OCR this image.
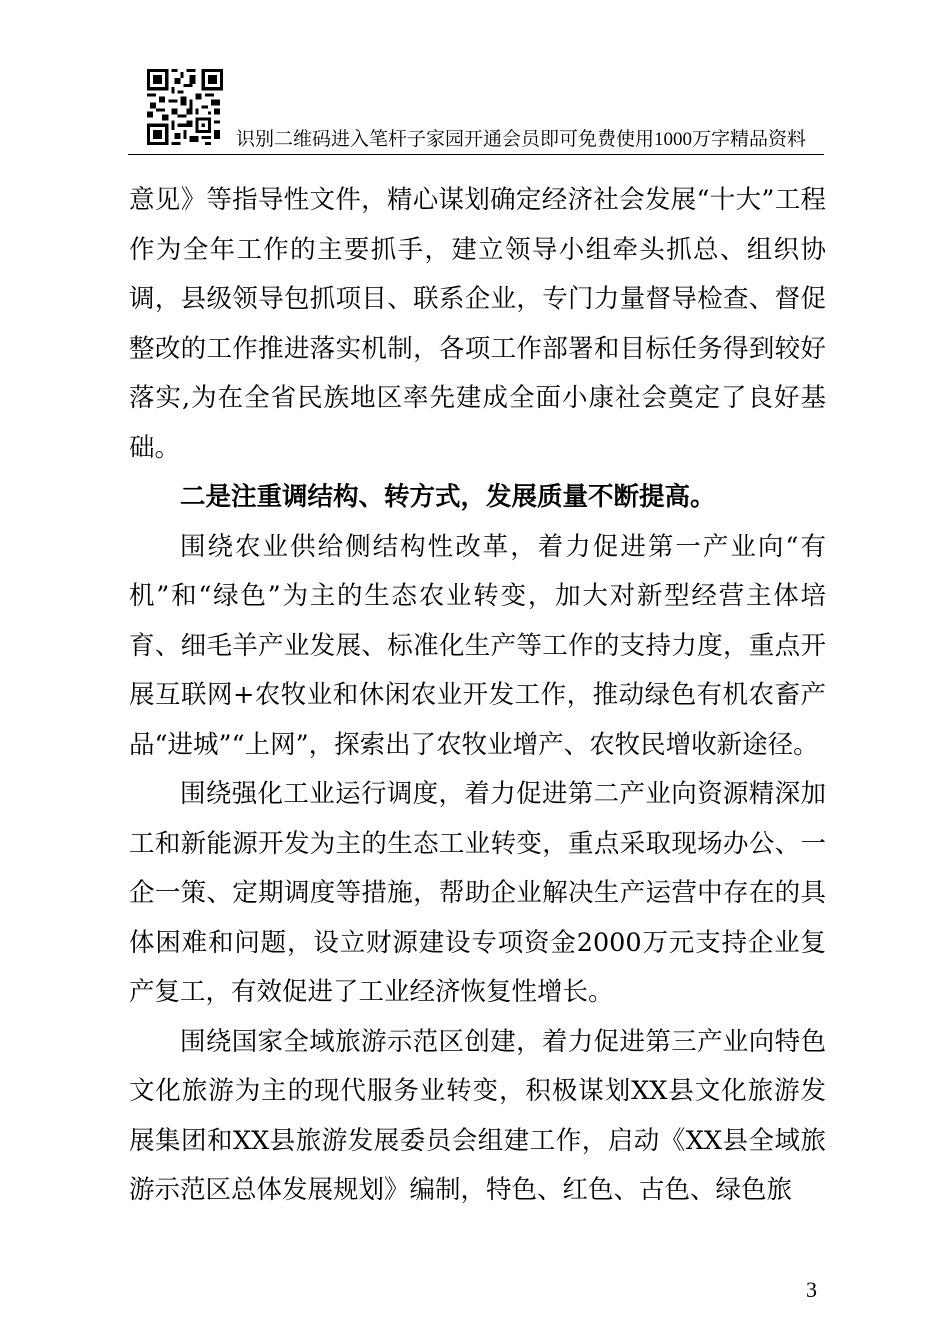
识别二维码进入笔杆子家园开通会员即可免费使用1000万字精品资料

意见》等指导性文件，精心谋划确定经济社会发展“十大”工程作为全年工作的主要抓手，建立领导小组牵头抓总、组织协调，县级领导包抓项目、联系企业，专门力量督导检查、督促整改的工作推进落实机制，各项工作部署和目标任务得到较好落实,为在全省民族地区率先建成全面小康社会奠定了良好基础。

二是注重调结构、转方式，发展质量不断提高。

围绕农业供给侧结构性改革，着力促进第一产业向“有机”和“绿色”为主的生态农业转变，加大对新型经营主体培育、细毛羊产业发展、标准化生产等工作的支持力度，重点开展互联网+农牧业和休闲农业开发工作，推动绿色有机农畜产品“进城”“上网”，探索出了农牧业增产、农牧民增收新途径。

围绕强化工业运行调度，着力促进第二产业向资源精深加工和新能源开发为主的生态工业转变，重点采取现场办公、一企一策、定期调度等措施，帮助企业解决生产运营中存在的具体困难和问题，设立财源建设专项资金2000万元支持企业复产复工，有效促进了工业经济恢复性增长。

围绕国家全域旅游示范区创建，着力促进第三产业向特色文化旅游为主的现代服务业转变，积极谋划XX县文化旅游发展集团和XX县旅游发展委员会组建工作，启动《XX县全域旅游示范区总体发展规划》编制，特色、红色、古色、绿色旅

3
